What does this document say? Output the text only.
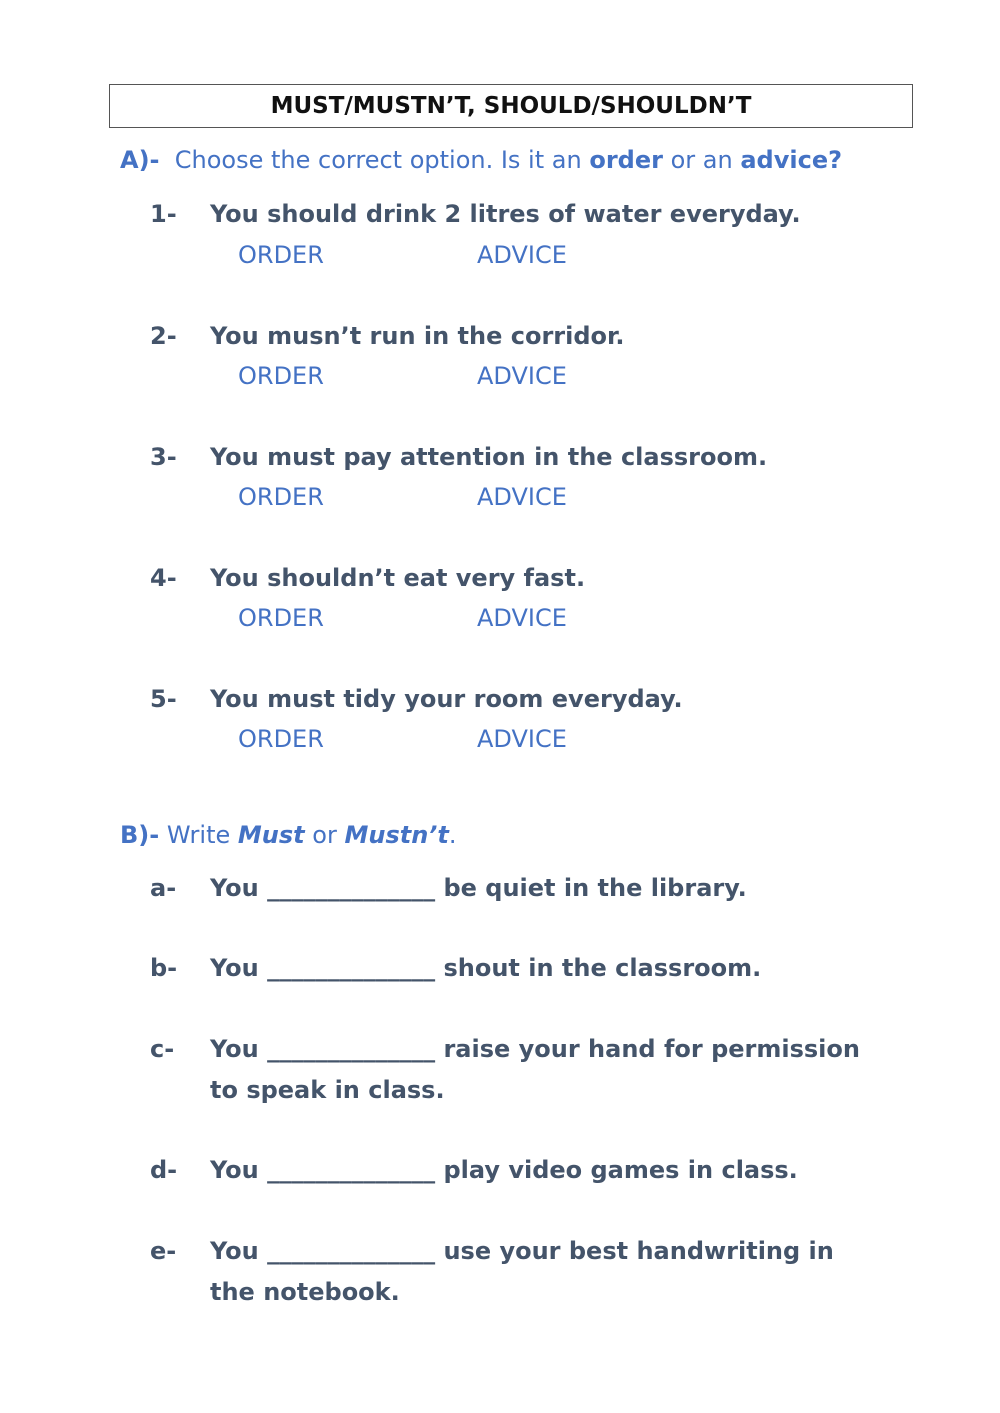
MUST/MUSTN’T, SHOULD/SHOULDN’T
A)- Choose the correct option. Is it an order or an advice?
1- You should drink 2 litres of water everyday.
ORDER	ADVICE
2- You musn’t run in the corridor.
ORDER	ADVICE
3- You must pay attention in the classroom.
ORDER	ADVICE
4- You shouldn’t eat very fast.
ORDER	ADVICE
5- You must tidy your room everyday.
ORDER	ADVICE
B)- Write Must or Mustn’t.
a- You ______________ be quiet in the library.
b- You ______________ shout in the classroom.
c- You ______________ raise your hand for permission
to speak in class.
d- You ______________ play video games in class.
e- You ______________ use your best handwriting in
the notebook.
